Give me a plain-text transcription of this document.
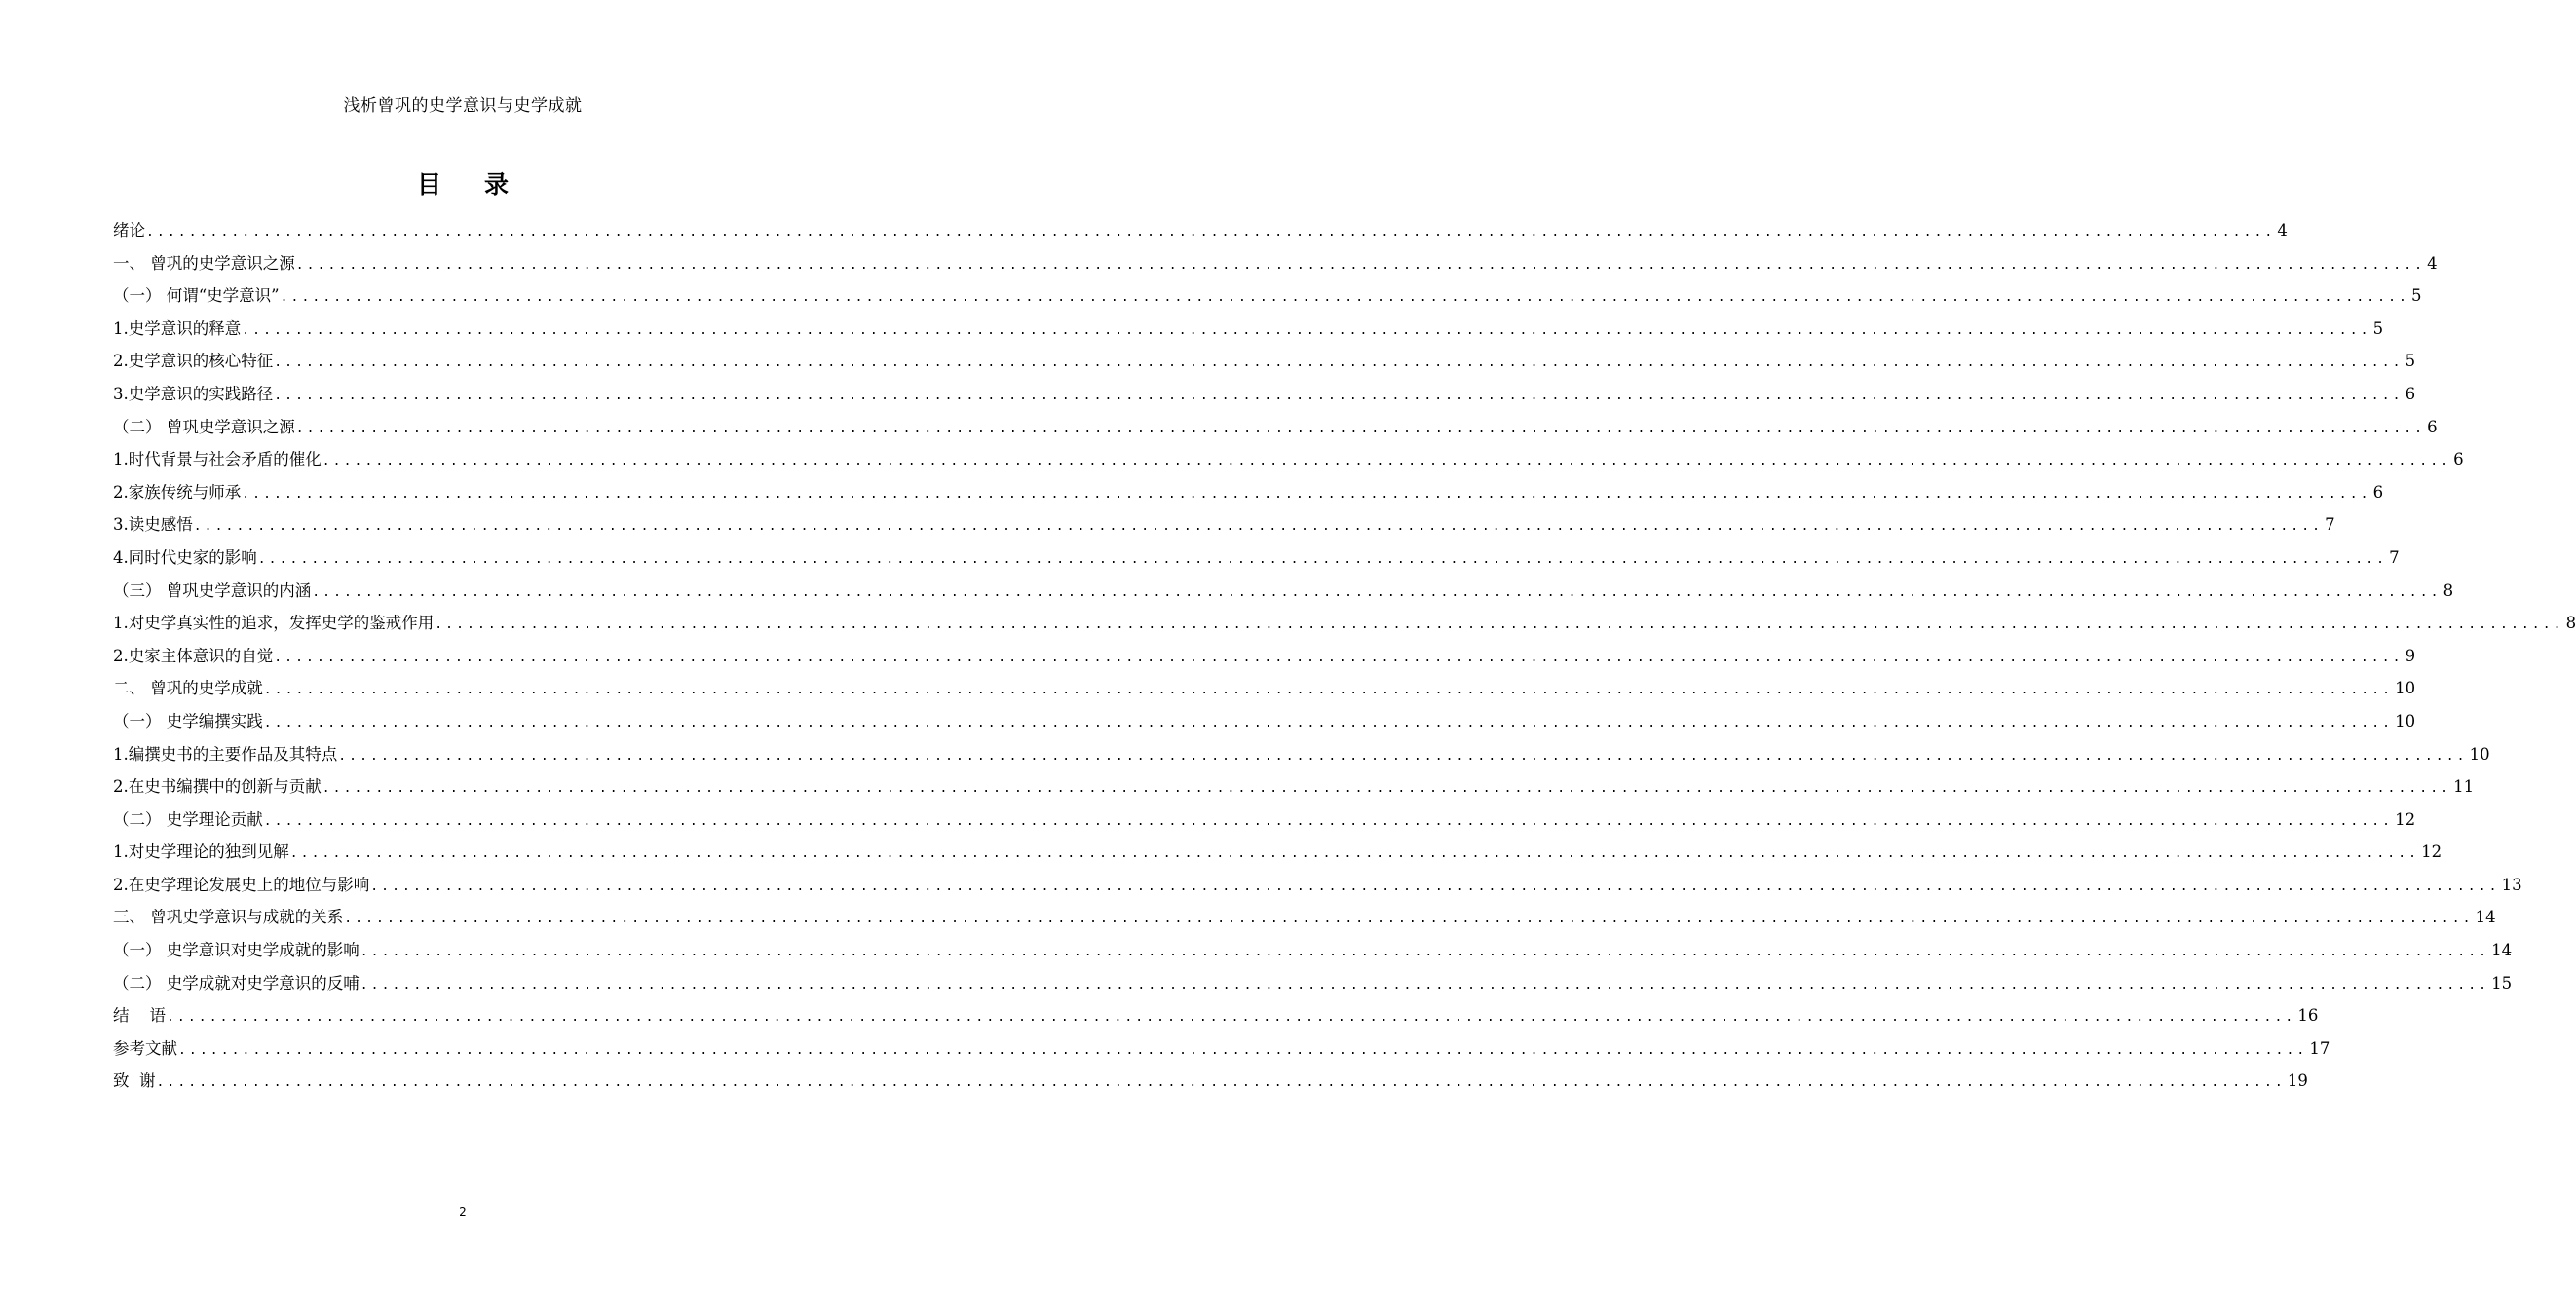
浅析曾巩的史学意识与史学成就
目 录
绪论 ........................................................................................................................................................................................................ 4
一、 曾巩的史学意识之源 ........................................................................................................................................................................................................ 4
（一） 何谓“史学意识” ........................................................................................................................................................................................................ 5
1.史学意识的释意 ........................................................................................................................................................................................................ 5
2.史学意识的核心特征 ........................................................................................................................................................................................................ 5
3.史学意识的实践路径 ........................................................................................................................................................................................................ 6
（二） 曾巩史学意识之源 ........................................................................................................................................................................................................ 6
1.时代背景与社会矛盾的催化 ........................................................................................................................................................................................................ 6
2.家族传统与师承 ........................................................................................................................................................................................................ 6
3.读史感悟 ........................................................................................................................................................................................................ 7
4.同时代史家的影响 ........................................................................................................................................................................................................ 7
（三） 曾巩史学意识的内涵 ........................................................................................................................................................................................................ 8
1.对史学真实性的追求，发挥史学的鉴戒作用 ........................................................................................................................................................................................................ 8
2.史家主体意识的自觉 ........................................................................................................................................................................................................ 9
二、 曾巩的史学成就 ........................................................................................................................................................................................................ 10
（一） 史学编撰实践 ........................................................................................................................................................................................................ 10
1.编撰史书的主要作品及其特点 ........................................................................................................................................................................................................ 10
2.在史书编撰中的创新与贡献 ........................................................................................................................................................................................................ 11
（二） 史学理论贡献 ........................................................................................................................................................................................................ 12
1.对史学理论的独到见解 ........................................................................................................................................................................................................ 12
2.在史学理论发展史上的地位与影响 ........................................................................................................................................................................................................ 13
三、 曾巩史学意识与成就的关系 ........................................................................................................................................................................................................ 14
（一） 史学意识对史学成就的影响 ........................................................................................................................................................................................................ 14
（二） 史学成就对史学意识的反哺 ........................................................................................................................................................................................................ 15
结    语 ........................................................................................................................................................................................................ 16
参考文献 ........................................................................................................................................................................................................ 17
致  谢 ........................................................................................................................................................................................................ 19
2
